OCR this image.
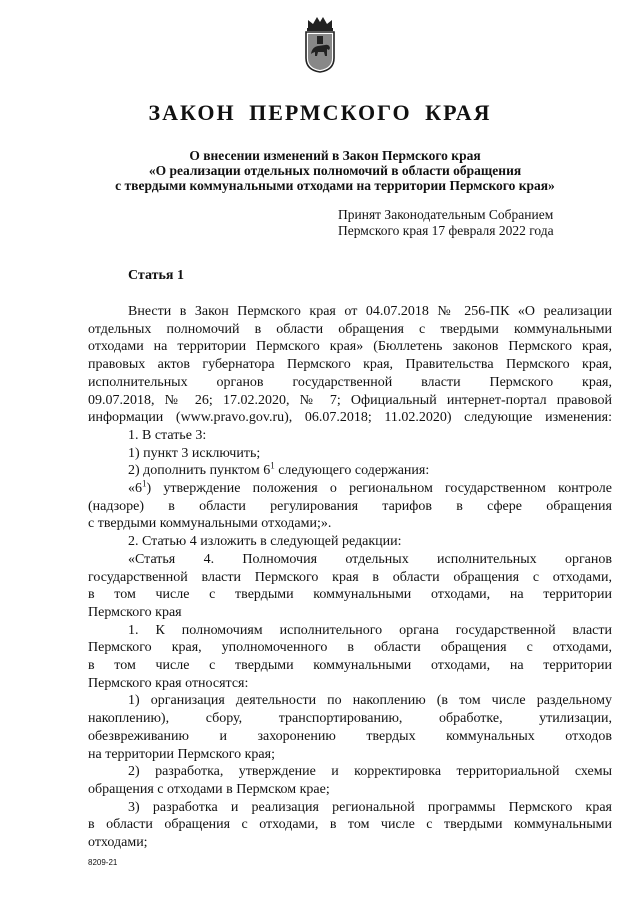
ЗАКОН ПЕРМСКОГО КРАЯ
О внесении изменений в Закон Пермского края
«О реализации отдельных полномочий в области обращения
с твердыми коммунальными отходами на территории Пермского края»
Принят Законодательным Собранием
Пермского края 17 февраля 2022 года
Статья 1

Внести в Закон Пермского края от 04.07.2018 № 256-ПК «О реализации

отдельных полномочий в области обращения с твердыми коммунальными

отходами на территории Пермского края» (Бюллетень законов Пермского края,

правовых актов губернатора Пермского края, Правительства Пермского края,

исполнительных органов государственной власти Пермского края,

09.07.2018, № 26; 17.02.2020, № 7; Официальный интернет-портал правовой

информации (www.pravo.gov.ru), 06.07.2018; 11.02.2020) следующие изменения:

1. В статье 3:

1) пункт 3 исключить;

2) дополнить пунктом $6^1$ следующего содержания:

«$6^1$) утверждение положения о региональном государственном контроле

(надзоре) в области регулирования тарифов в сфере обращения

с твердыми коммунальными отходами;».

2. Статью 4 изложить в следующей редакции:

«Статья 4. Полномочия отдельных исполнительных органов

государственной власти Пермского края в области обращения с отходами,

в том числе с твердыми коммунальными отходами, на территории

Пермского края

1. К полномочиям исполнительного органа государственной власти

Пермского края, уполномоченного в области обращения с отходами,

в том числе с твердыми коммунальными отходами, на территории

Пермского края относятся:

1) организация деятельности по накоплению (в том числе раздельному

накоплению), сбору, транспортированию, обработке, утилизации,

обезвреживанию и захоронению твердых коммунальных отходов

на территории Пермского края;

2) разработка, утверждение и корректировка территориальной схемы

обращения с отходами в Пермском крае;

3) разработка и реализация региональной программы Пермского края

в области обращения с отходами, в том числе с твердыми коммунальными

отходами;

8209-21
